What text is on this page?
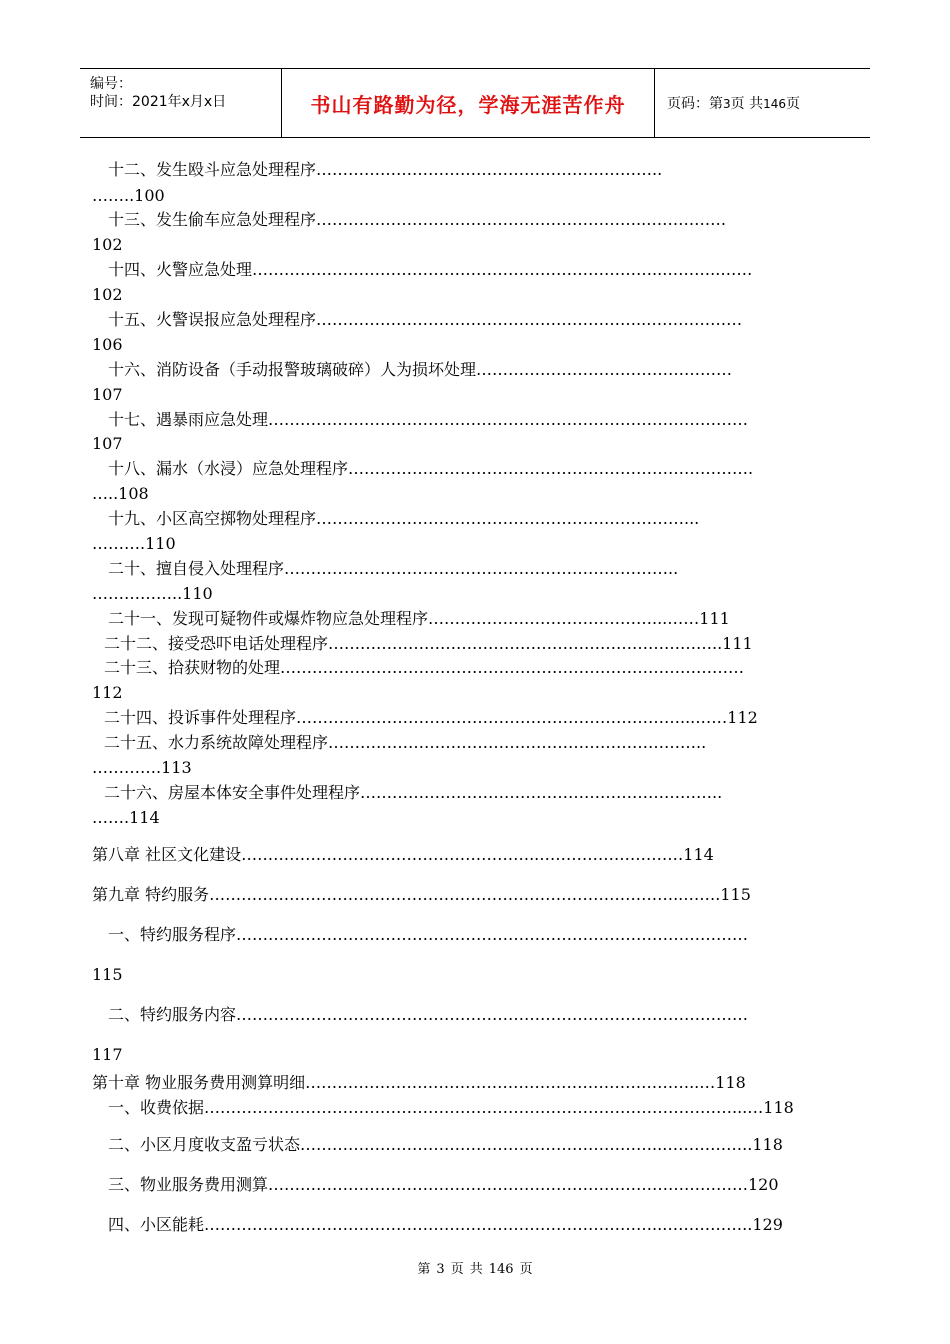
编号：
时间：2021年x月x日	书山有路勤为径，学海无涯苦作舟	页码：第3页 共146页
十二、发生殴斗应急处理程序………………………………………………………..
……..100
十三、发生偷车应急处理程序……………………………………………………..……………
102
十四、火警应急处理…………………………………………………………………..………..……
102
十五、火警误报应急处理程序……………………………………………………..………………
106
十六、消防设备（手动报警玻璃破碎）人为损坏处理…………………………………………
107
十七、遇暴雨应急处理………………………………………………………………………………
107
十八、漏水（水浸）应急处理程序………………………………………………………………….
…..108
十九、小区高空掷物处理程序……………………………………………………………...
……….110
二十、擅自侵入处理程序………………………………………………………………..
……………..110
二十一、发现可疑物件或爆炸物应急处理程序……………………………………...……111
二十二、接受恐吓电话处理程序………………………………………………………………..111
二十三、拾获财物的处理……………………………………………………………………………
112
二十四、投诉事件处理程序………………………………………………………………...……112
二十五、水力系统故障处理程序……………………………………………………………..
………….113
二十六、房屋本体安全事件处理程序…………………………………………………………..
…….114
第八章 社区文化建设………………………………………………..………………………114
第九章 特约服务……………………………………………………………………………..…….115
一、特约服务程序……………………………………………………………………………………
115
二、特约服务内容……………………………………………………………………………………
117
第十章 物业服务费用测算明细………………………………………………………………..…118
一、收费依据………………………………………………………………………………………...…118
二、小区月度收支盈亏状态…………………………………………………………..……………..118
三、物业服务费用测算………………………………………………………………………………120
四、小区能耗…………………………………………………………………………..……………..129
第 3 页 共 146 页
